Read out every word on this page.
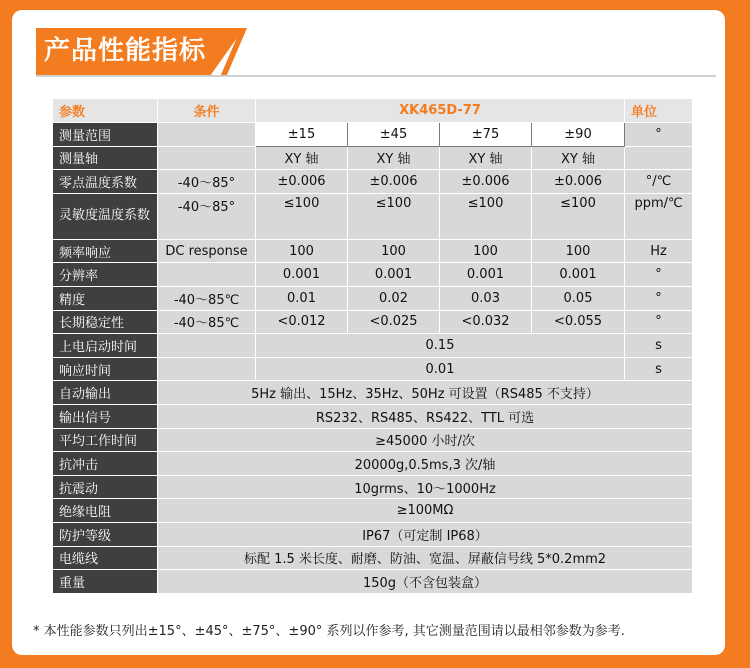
产品性能指标
参数	条件	XK465D-77				单位
测量范围		±15	±45	±75	±90	°
测量轴		XY 轴	XY 轴	XY 轴	XY 轴	
零点温度系数	-40～85°	±0.006	±0.006	±0.006	±0.006	°/℃
灵敏度温度系数	-40～85°	≤100	≤100	≤100	≤100	ppm/℃
频率响应	DC response	100	100	100	100	Hz
分辨率		0.001	0.001	0.001	0.001	°
精度	-40～85℃	0.01	0.02	0.03	0.05	°
长期稳定性	-40～85℃	<0.012	<0.025	<0.032	<0.055	°
上电启动时间		0.15				s
响应时间		0.01				s
自动输出	5Hz 输出、15Hz、35Hz、50Hz 可设置（RS485 不支持）					
输出信号	RS232、RS485、RS422、TTL 可选					
平均工作时间	≥45000 小时/次					
抗冲击	20000g,0.5ms,3 次/轴					
抗震动	10grms、10～1000Hz					
绝缘电阻	≥100MΩ					
防护等级	IP67（可定制 IP68）					
电缆线	标配 1.5 米长度、耐磨、防油、宽温、屏蔽信号线 5*0.2mm2					
重量	150g（不含包装盒）					
* 本性能参数只列出±15°、±45°、±75°、±90° 系列以作参考, 其它测量范围请以最相邻参数为参考.
